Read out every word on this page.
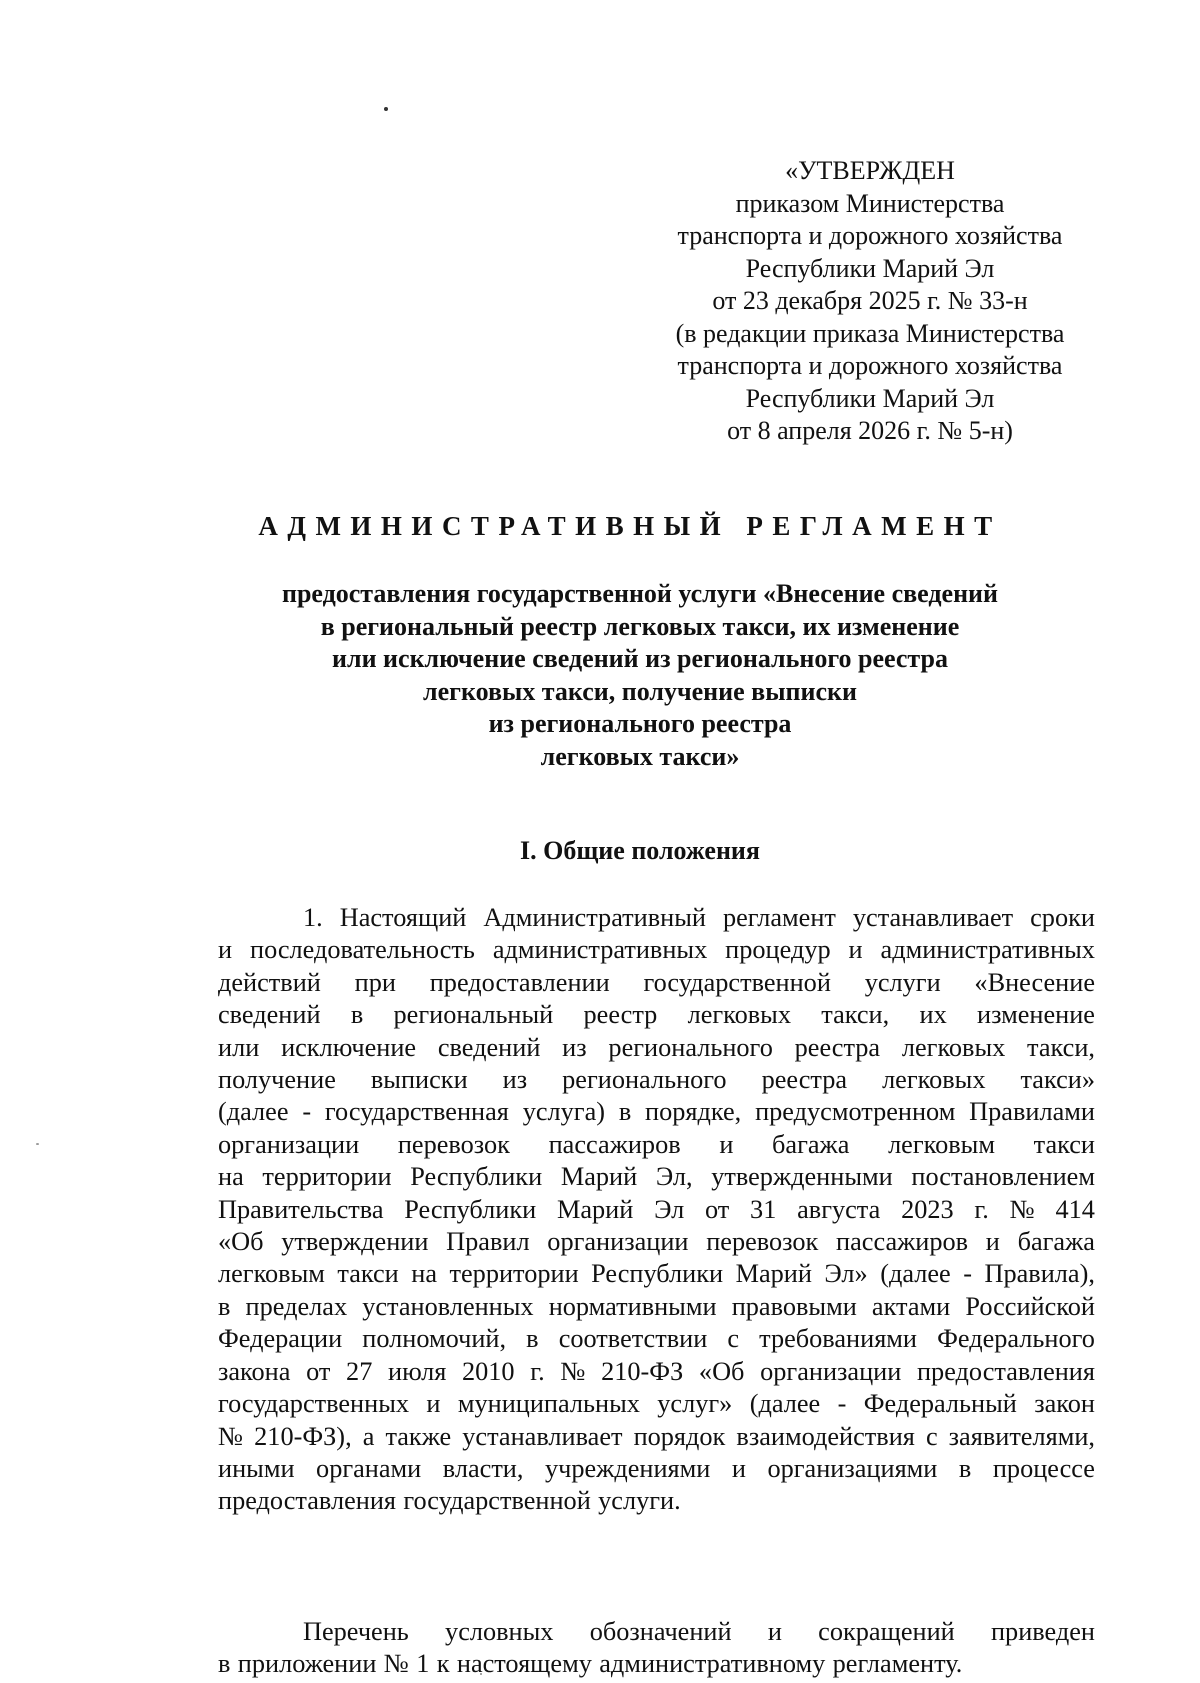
«УТВЕРЖДЕН
приказом Министерства
транспорта и дорожного хозяйства
Республики Марий Эл
от 23 декабря 2025 г. № 33-н
(в редакции приказа Министерства
транспорта и дорожного хозяйства
Республики Марий Эл
от 8 апреля 2026 г. № 5-н)
АДМИНИСТРАТИВНЫЙ РЕГЛАМЕНТ
предоставления государственной услуги «Внесение сведений
в региональный реестр легковых такси, их изменение
или исключение сведений из регионального реестра
легковых такси, получение выписки
из регионального реестра
легковых такси»
I. Общие положения
1. Настоящий Административный регламент устанавливает сроки
и последовательность административных процедур и административных
действий при предоставлении государственной услуги «Внесение
сведений в региональный реестр легковых такси, их изменение
или исключение сведений из регионального реестра легковых такси,
получение выписки из регионального реестра легковых такси»
(далее - государственная услуга) в порядке, предусмотренном Правилами
организации перевозок пассажиров и багажа легковым такси
на территории Республики Марий Эл, утвержденными постановлением
Правительства Республики Марий Эл от 31 августа 2023 г. № 414
«Об утверждении Правил организации перевозок пассажиров и багажа
легковым такси на территории Республики Марий Эл» (далее - Правила),
в пределах установленных нормативными правовыми актами Российской
Федерации полномочий, в соответствии с требованиями Федерального
закона от 27 июля 2010 г. № 210-ФЗ «Об организации предоставления
государственных и муниципальных услуг» (далее - Федеральный закон
№ 210-ФЗ), а также устанавливает порядок взаимодействия с заявителями,
иными органами власти, учреждениями и организациями в процессе
предоставления государственной услуги.
Перечень условных обозначений и сокращений приведен
в приложении № 1 к настоящему административному регламенту.
